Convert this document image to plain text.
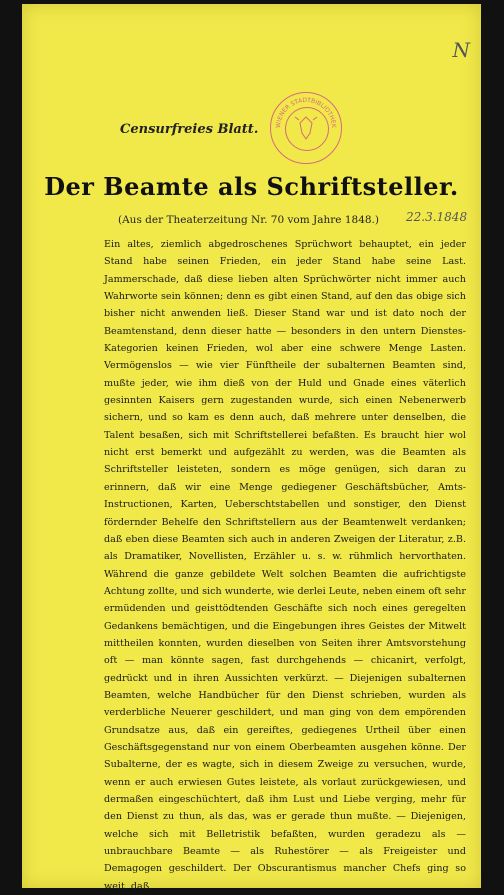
N
WIENER STADTBIBLIOTHEK
Censurfreies Blatt.
Der Beamte als Schriftsteller.
(Aus der Theaterzeitung Nr. 70 vom Jahre 1848.) 22.3.1848

Ein altes, ziemlich abgedroschenes Sprüchwort behauptet, ein jeder Stand habe seinen Frieden, ein jeder Stand habe seine Last. Jammerschade, daß diese lieben alten Sprüchwörter nicht immer auch Wahrworte sein können; denn es gibt einen Stand, auf den das obige sich bisher nicht anwenden ließ. Dieser Stand war und ist dato noch der Beamtenstand, denn dieser hatte — besonders in den untern Dienstes-Kategorien keinen Frieden, wol aber eine schwere Menge Lasten. Vermögenslos — wie vier Fünftheile der subalternen Beamten sind, mußte jeder, wie ihm dieß von der Huld und Gnade eines väterlich gesinnten Kaisers gern zugestanden wurde, sich einen Nebenerwerb sichern, und so kam es denn auch, daß mehrere unter denselben, die Talent besaßen, sich mit Schriftstellerei befaßten. Es braucht hier wol nicht erst bemerkt und aufgezählt zu werden, was die Beamten als Schriftsteller leisteten, sondern es möge genügen, sich daran zu erinnern, daß wir eine Menge gediegener Geschäftsbücher, Amts-Instructionen, Karten, Ueberschtstabellen und sonstiger, den Dienst fördernder Behelfe den Schriftstellern aus der Beamtenwelt verdanken; daß eben diese Beamten sich auch in anderen Zweigen der Literatur, z.B. als Dramatiker, Novellisten, Erzähler u. s. w. rühmlich hervorthaten. Während die ganze gebildete Welt solchen Beamten die aufrichtigste Achtung zollte, und sich wunderte, wie derlei Leute, neben einem oft sehr ermüdenden und geisttödtenden Geschäfte sich noch eines geregelten Gedankens bemächtigen, und die Eingebungen ihres Geistes der Mitwelt mittheilen konnten, wurden dieselben von Seiten ihrer Amtsvorstehung oft — man könnte sagen, fast durchgehends — chicanirt, verfolgt, gedrückt und in ihren Aussichten verkürzt. — Diejenigen subalternen Beamten, welche Handbücher für den Dienst schrieben, wurden als verderbliche Neuerer geschildert, und man ging von dem empörenden Grundsatze aus, daß ein gereiftes, gediegenes Urtheil über einen Geschäftsgegenstand nur von einem Oberbeamten ausgehen könne. Der Subalterne, der es wagte, sich in diesem Zweige zu versuchen, wurde, wenn er auch erwiesen Gutes leistete, als vorlaut zurückgewiesen, und dermaßen eingeschüchtert, daß ihm Lust und Liebe verging, mehr für den Dienst zu thun, als das, was er gerade thun mußte. — Diejenigen, welche sich mit Belletristik befaßten, wurden geradezu als — unbrauchbare Beamte — als Ruhestörer — als Freigeister und Demagogen geschildert. Der Obscurantismus mancher Chefs ging so weit, daß,
